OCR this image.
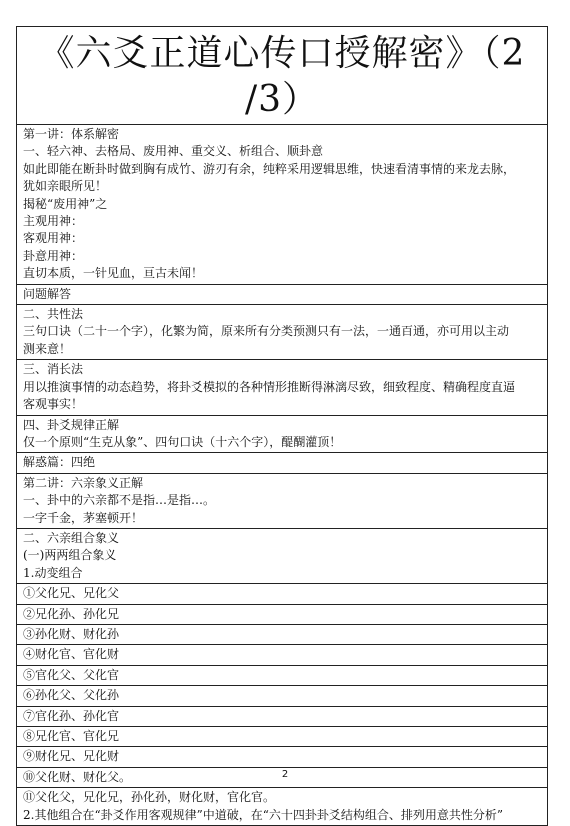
《六爻正道心传口授解密》（2
/3）
第一讲：体系解密
一、轻六神、去格局、废用神、重交义、析组合、顺卦意
如此即能在断卦时做到胸有成竹、游刃有余，纯粹采用逻辑思维，快速看清事情的来龙去脉，
犹如亲眼所见！
揭秘“废用神”之
主观用神：
客观用神：
卦意用神：
直切本质，一针见血，亘古未闻！
问题解答
二、共性法
三句口诀（二十一个字），化繁为简，原来所有分类预测只有一法，一通百通，亦可用以主动
测来意！
三、消长法
用以推演事情的动态趋势，将卦爻模拟的各种情形推断得淋漓尽致，细致程度、精确程度直逼
客观事实！
四、卦爻规律正解
仅一个原则“生克从象”、四句口诀（十六个字），醍醐灌顶！
解惑篇：四绝
第二讲：六亲象义正解
一、卦中的六亲都不是指…是指…。
一字千金，茅塞顿开！
二、六亲组合象义
(一)两两组合象义
1.动变组合
①父化兄、兄化父
②兄化孙、孙化兄
③孙化财、财化孙
④财化官、官化财
⑤官化父、父化官
⑥孙化父、父化孙
⑦官化孙、孙化官
⑧兄化官、官化兄
⑨财化兄、兄化财
⑩父化财、财化父。
⑪父化父，兄化兄，孙化孙，财化财，官化官。
2.其他组合在“卦爻作用客观规律”中道破，在“六十四卦卦爻结构组合、排列用意共性分析”
2
